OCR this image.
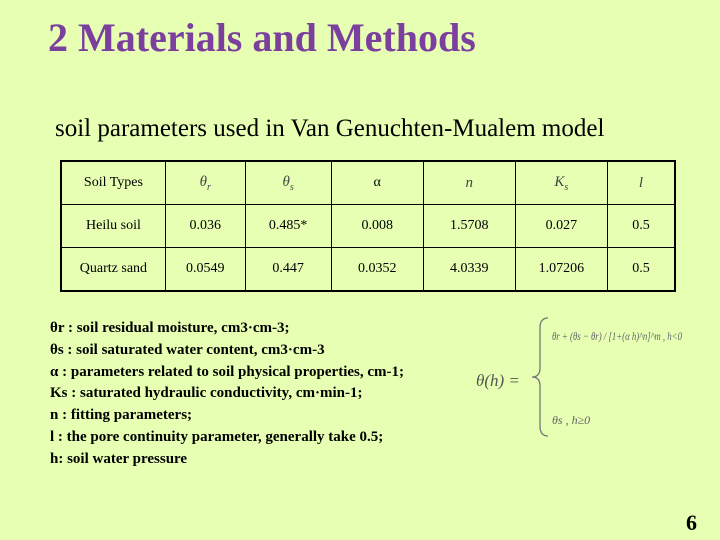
2 Materials and Methods
soil parameters used in Van Genuchten-Mualem model
Soil Types	$\theta_r$	$\theta_s$	α	n	$K_s$	l
Heilu soil	0.036	0.485*	0.008	1.5708	0.027	0.5
Quartz sand	0.0549	0.447	0.0352	4.0339	1.07206	0.5
θr : soil residual moisture, cm3·cm-3;
θs : soil saturated water content, cm3·cm-3
α : parameters related to soil physical properties, cm-1;
Ks : saturated hydraulic conductivity, cm·min-1;
n : fitting parameters;
l : the pore continuity parameter, generally take 0.5;
h: soil water pressure
θ(h) =
θr + (θs − θr) / [1+(α h)^n]^m , h<0
θs , h≥0
6
